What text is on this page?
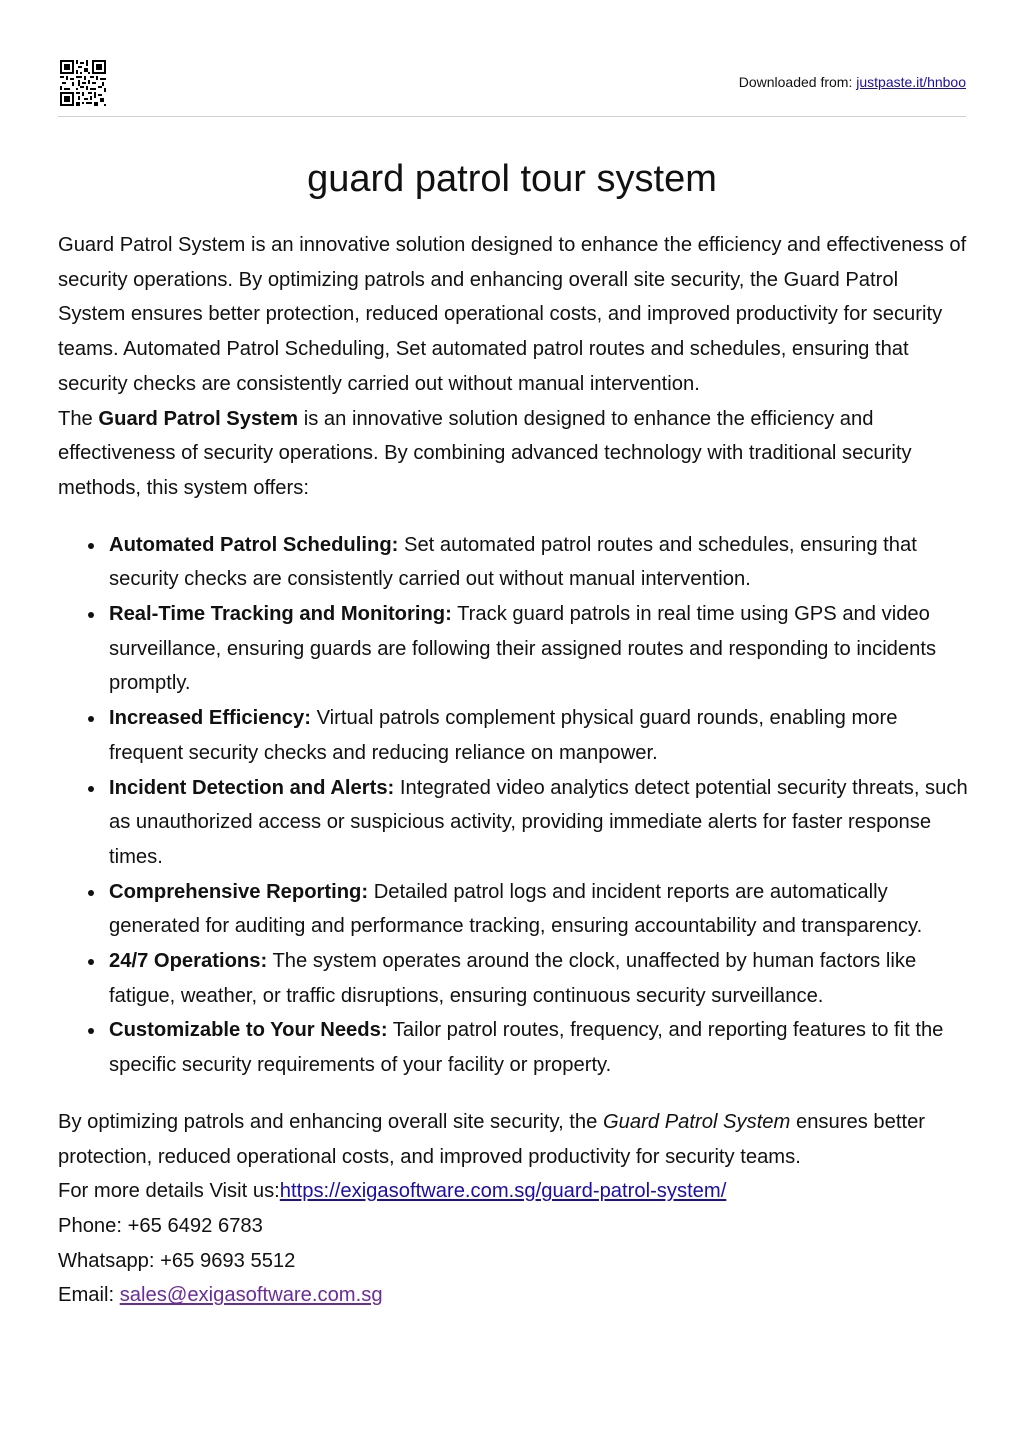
Downloaded from: justpaste.it/hnboo
guard patrol tour system

Guard Patrol System is an innovative solution designed to enhance the efficiency and effectiveness of security operations. By optimizing patrols and enhancing overall site security, the Guard Patrol System ensures better protection, reduced operational costs, and improved productivity for security teams. Automated Patrol Scheduling, Set automated patrol routes and schedules, ensuring that security checks are consistently carried out without manual intervention.

The Guard Patrol System is an innovative solution designed to enhance the efficiency and effectiveness of security operations. By combining advanced technology with traditional security methods, this system offers:

Automated Patrol Scheduling: Set automated patrol routes and schedules, ensuring that security checks are consistently carried out without manual intervention.
Real-Time Tracking and Monitoring: Track guard patrols in real time using GPS and video surveillance, ensuring guards are following their assigned routes and responding to incidents promptly.
Increased Efficiency: Virtual patrols complement physical guard rounds, enabling more frequent security checks and reducing reliance on manpower.
Incident Detection and Alerts: Integrated video analytics detect potential security threats, such as unauthorized access or suspicious activity, providing immediate alerts for faster response times.
Comprehensive Reporting: Detailed patrol logs and incident reports are automatically generated for auditing and performance tracking, ensuring accountability and transparency.
24/7 Operations: The system operates around the clock, unaffected by human factors like fatigue, weather, or traffic disruptions, ensuring continuous security surveillance.
Customizable to Your Needs: Tailor patrol routes, frequency, and reporting features to fit the specific security requirements of your facility or property.

By optimizing patrols and enhancing overall site security, the Guard Patrol System ensures better protection, reduced operational costs, and improved productivity for security teams.

For more details Visit us:https://exigasoftware.com.sg/guard-patrol-system/

Phone: +65 6492 6783

Whatsapp: +65 9693 5512

Email: sales@exigasoftware.com.sg
